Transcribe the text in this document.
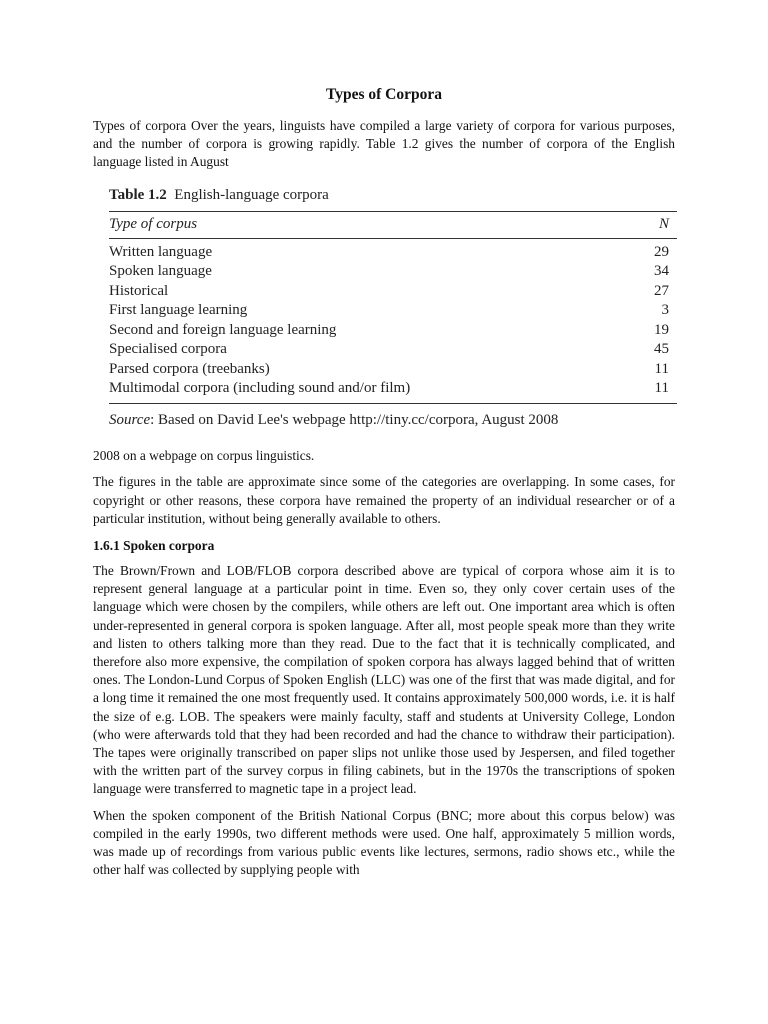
Types of Corpora

Types of corpora Over the years, linguists have compiled a large variety of corpora for various purposes, and the number of corpora is growing rapidly. Table 1.2 gives the number of corpora of the English language listed in August

Table 1.2 English-language corpora
Type of corpus	N
Written language	29
Spoken language	34
Historical	27
First language learning	3
Second and foreign language learning	19
Specialised corpora	45
Parsed corpora (treebanks)	11
Multimodal corpora (including sound and/or film)	11
Source: Based on David Lee's webpage http://tiny.cc/corpora, August 2008

2008 on a webpage on corpus linguistics.

The figures in the table are approximate since some of the categories are overlapping. In some cases, for copyright or other reasons, these corpora have remained the property of an individual researcher or of a particular institution, without being generally available to others.

1.6.1 Spoken corpora

The Brown/Frown and LOB/FLOB corpora described above are typical of corpora whose aim it is to represent general language at a particular point in time. Even so, they only cover certain uses of the language which were chosen by the compilers, while others are left out. One important area which is often under-represented in general corpora is spoken language. After all, most people speak more than they write and listen to others talking more than they read. Due to the fact that it is technically complicated, and therefore also more expensive, the compilation of spoken corpora has always lagged behind that of written ones. The London-Lund Corpus of Spoken English (LLC) was one of the first that was made digital, and for a long time it remained the one most frequently used. It contains approximately 500,000 words, i.e. it is half the size of e.g. LOB. The speakers were mainly faculty, staff and students at University College, London (who were afterwards told that they had been recorded and had the chance to withdraw their participation). The tapes were originally transcribed on paper slips not unlike those used by Jespersen, and filed together with the written part of the survey corpus in filing cabinets, but in the 1970s the transcriptions of spoken language were transferred to magnetic tape in a project lead.

When the spoken component of the British National Corpus (BNC; more about this corpus below) was compiled in the early 1990s, two different methods were used. One half, approximately 5 million words, was made up of recordings from various public events like lectures, sermons, radio shows etc., while the other half was collected by supplying people with
